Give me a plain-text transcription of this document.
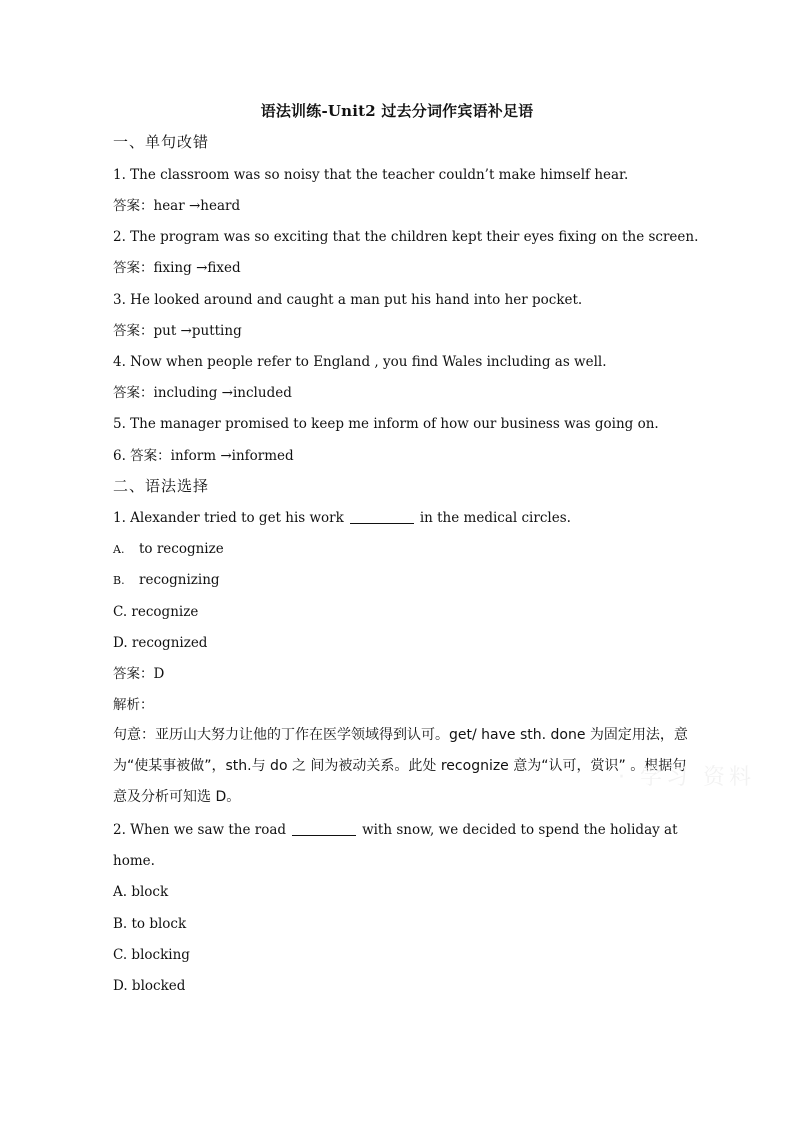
语法训练-Unit2 过去分词作宾语补足语
一、单句改错
1. The classroom was so noisy that the teacher couldn’t make himself hear.
答案：hear →heard
2. The program was so exciting that the children kept their eyes fixing on the screen.
答案：fixing →fixed
3. He looked around and caught a man put his hand into her pocket.
答案：put →putting
4. Now when people refer to England , you find Wales including as well.
答案：including →included
5. The manager promised to keep me inform of how our business was going on.
6. 答案：inform →informed
二、语法选择
1. Alexander tried to get his work	in the medical circles.
A. to recognize
B. recognizing
C. recognize
D. recognized
答案：D
解析：
句意：亚历山大努力让他的丁作在医学领域得到认可。get/ have sth. done 为固定用法，意为“使某事被做”，sth.与 do 之 间为被动关系。此处 recognize 意为“认可，赏识” 。根据句 意及分析可知选 D。
2. When we saw the road	with snow, we decided to spend the holiday at
home.
A. block
B. to block
C. blocking
D. blocked
· 学习 资料
